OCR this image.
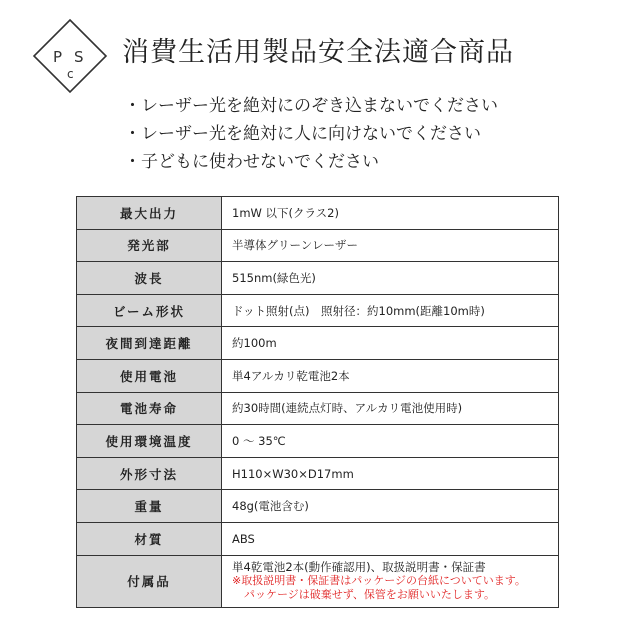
P S
c
消費生活用製品安全法適合商品
・レーザー光を絶対にのぞき込まないでください
・レーザー光を絶対に人に向けないでください
・子どもに使わせないでください
最大出力	1mW 以下(クラス2)
発光部	半導体グリーンレーザー
波長	515nm(緑色光)
ビーム形状	ドット照射(点)　照射径：約10mm(距離10m時)
夜間到達距離	約100m
使用電池	単4アルカリ乾電池2本
電池寿命	約30時間(連続点灯時、アルカリ電池使用時)
使用環境温度	0 ～ 35℃
外形寸法	H110×W30×D17mm
重量	48g(電池含む)
材質	ABS
付属品	単4乾電池2本(動作確認用)、取扱説明書・保証書
※取扱説明書・保証書はパッケージの台紙についています。
パッケージは破棄せず、保管をお願いいたします。
